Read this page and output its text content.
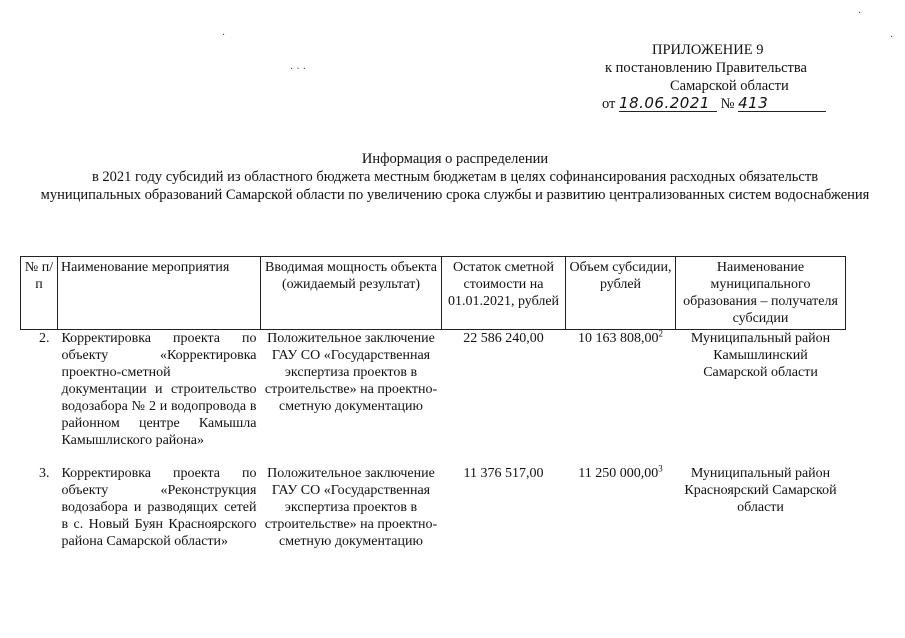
ПРИЛОЖЕНИЕ 9
к постановлению Правительства
Самарской области
от 18.06.2021 № 413
Информация о распределении
в 2021 году субсидий из областного бюджета местным бюджетам в целях софинансирования расходных обязательств муниципальных образований Самарской области по увеличению срока службы и развитию централизованных систем водоснабжения
№ п/п	Наименование мероприятия	Вводимая мощность объекта (ожидаемый результат)	Остаток сметной стоимости на 01.01.2021, рублей	Объем субсидии, рублей	Наименование муниципального образования – получателя субсидии
2.	Корректировка проекта по объекту «Корректировка проектно-сметной документации и строительство водозабора № 2 и водопровода в районном центре Камышла Камышлиского района»	Положительное заключение ГАУ СО «Государственная экспертиза проектов в строительстве» на проектно-сметную документацию	22 586 240,00	10 163 808,00$^2$	Муниципальный район Камышлинский Самарской области
3.	Корректировка проекта по объекту «Реконструкция водозабора и разводящих сетей в с. Новый Буян Красноярского района Самарской области»	Положительное заключение ГАУ СО «Государственная экспертиза проектов в строительстве» на проектно-сметную документацию	11 376 517,00	11 250 000,00$^3$	Муниципальный район Красноярский Самарской области
·
·
·
· · ·
